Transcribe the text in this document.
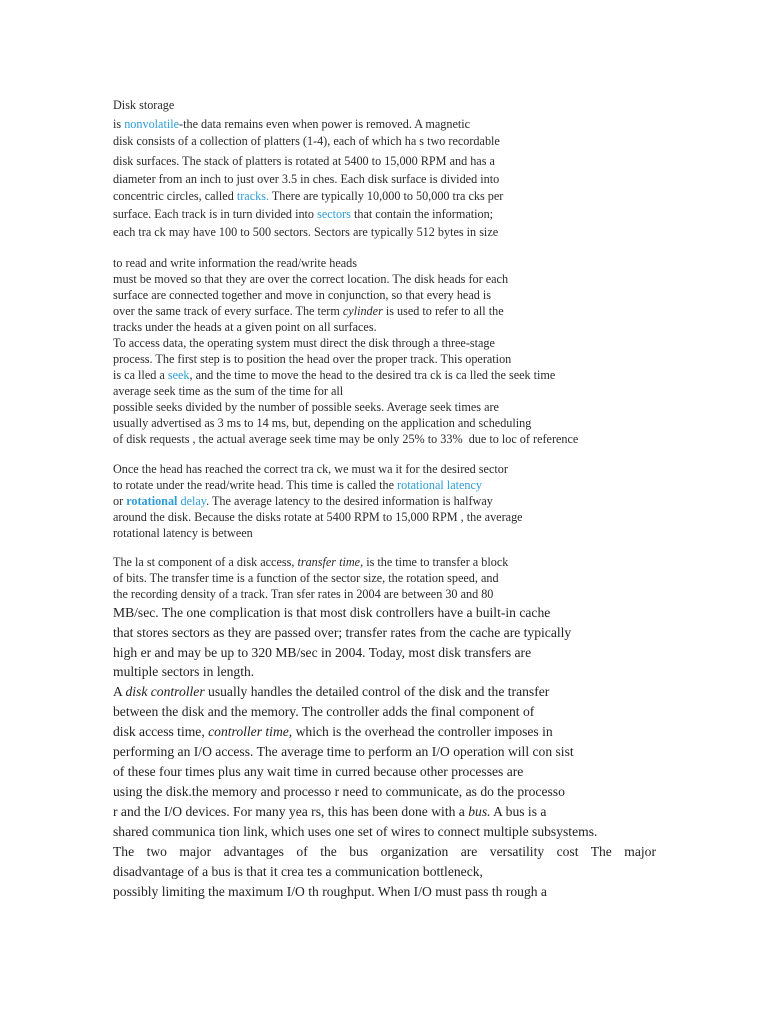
Disk storage
is nonvolatile-the data remains even when power is removed. A magnetic
disk consists of a collection of platters (1-4), each of which ha s two recordable
disk surfaces. The stack of platters is rotated at 5400 to 15,000 RPM and has a
diameter from an inch to just over 3.5 in ches. Each disk surface is divided into
concentric circles, called tracks. There are typically 10,000 to 50,000 tra cks per
surface. Each track is in turn divided into sectors that contain the information;
each tra ck may have 100 to 500 sectors. Sectors are typically 512 bytes in size
to read and write information the read/write heads
must be moved so that they are over the correct location. The disk heads for each
surface are connected together and move in conjunction, so that every head is
over the same track of every surface. The term cylinder is used to refer to all the
tracks under the heads at a given point on all surfaces.
To access data, the operating system must direct the disk through a three-stage
process. The first step is to position the head over the proper track. This operation
is ca lled a seek, and the time to move the head to the desired tra ck is ca lled the seek time
average seek time as the sum of the time for all
possible seeks divided by the number of possible seeks. Average seek times are
usually advertised as 3 ms to 14 ms, but, depending on the application and scheduling
of disk requests , the actual average seek time may be only 25% to 33%  due to loc of reference
Once the head has reached the correct tra ck, we must wa it for the desired sector
to rotate under the read/write head. This time is called the rotational latency
or rotational delay. The average latency to the desired information is halfway
around the disk. Because the disks rotate at 5400 RPM to 15,000 RPM , the average
rotational latency is between
The la st component of a disk access, transfer time, is the time to transfer a block
of bits. The transfer time is a function of the sector size, the rotation speed, and
the recording density of a track. Tran sfer rates in 2004 are between 30 and 80
MB/sec. The one complication is that most disk controllers have a built-in cache
that stores sectors as they are passed over; transfer rates from the cache are typically
high er and may be up to 320 MB/sec in 2004. Today, most disk transfers are
multiple sectors in length.
A disk controller usually handles the detailed control of the disk and the transfer
between the disk and the memory. The controller adds the final component of
disk access time, controller time, which is the overhead the controller imposes in
performing an I/O access. The average time to perform an I/O operation will con sist
of these four times plus any wait time in curred because other processes are
using the disk.the memory and processo r need to communicate, as do the processo
r and the I/O devices. For many yea rs, this has been done with a bus. A bus is a
shared communica tion link, which uses one set of wires to connect multiple subsystems.
The two major advantages of the bus organization are versatility cost The major
disadvantage of a bus is that it crea tes a communication bottleneck,
possibly limiting the maximum I/O th roughput. When I/O must pass th rough a
